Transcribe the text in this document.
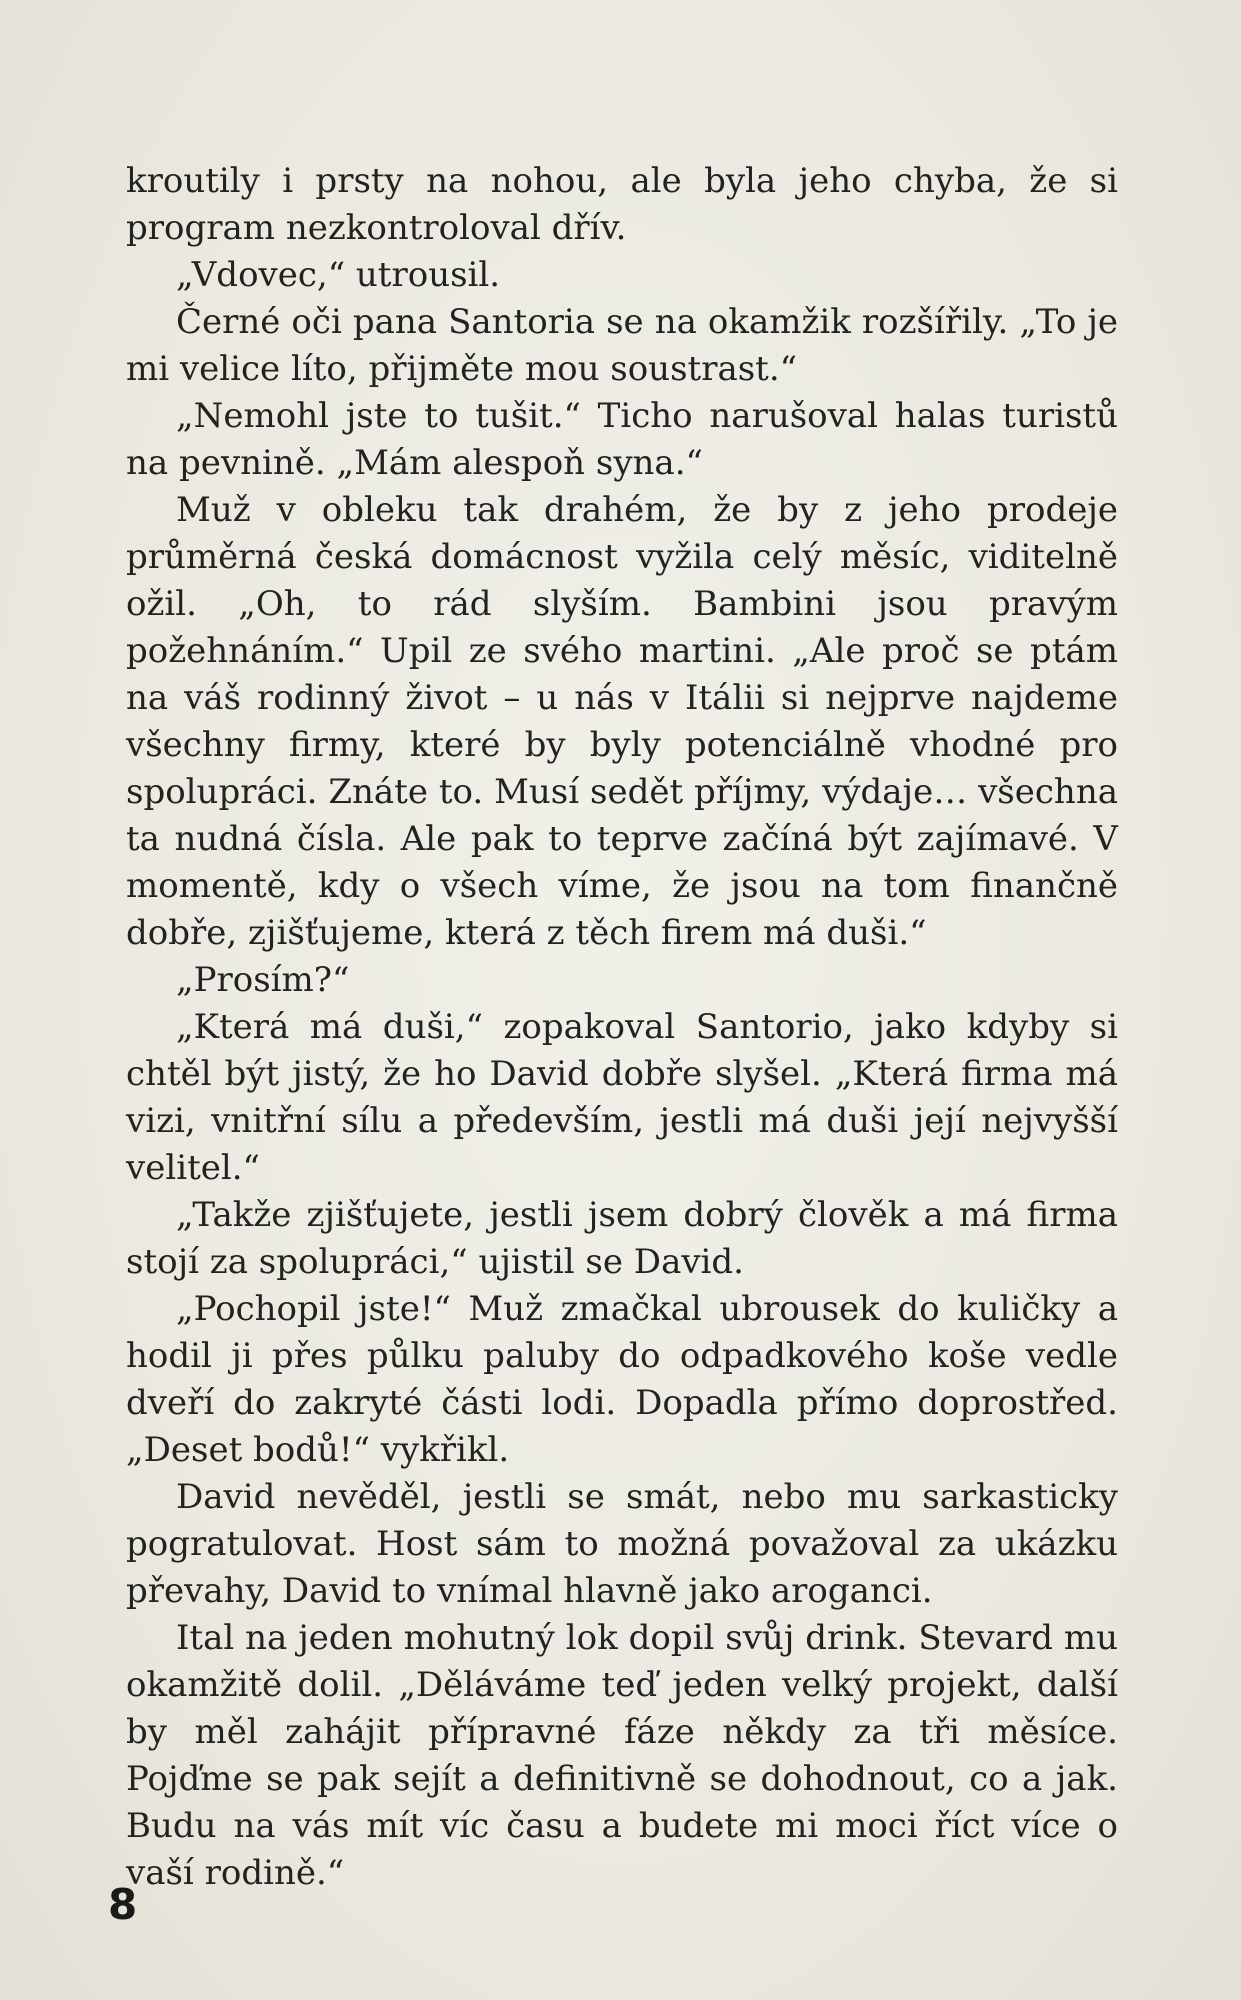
kroutily i prsty na nohou, ale byla jeho chyba, že si program nezkontroloval dřív.

„Vdovec,“ utrousil.

Černé oči pana Santoria se na okamžik rozšířily. „To je mi velice líto, přijměte mou soustrast.“

„Nemohl jste to tušit.“ Ticho narušoval halas turistů na pevnině. „Mám alespoň syna.“

Muž v obleku tak drahém, že by z jeho prodeje průměrná česká domácnost vyžila celý měsíc, viditelně ožil. „Oh, to rád slyším. Bambini jsou pravým požehnáním.“ Upil ze svého martini. „Ale proč se ptám na váš rodinný život – u nás v Itálii si nejprve najdeme všechny firmy, které by byly potenciálně vhodné pro spolupráci. Znáte to. Musí sedět příjmy, výdaje… všechna ta nudná čísla. Ale pak to teprve začíná být zajímavé. V momentě, kdy o všech víme, že jsou na tom finančně dobře, zjišťujeme, která z těch firem má duši.“

„Prosím?“

„Která má duši,“ zopakoval Santorio, jako kdyby si chtěl být jistý, že ho David dobře slyšel. „Která firma má vizi, vnitřní sílu a především, jestli má duši její nejvyšší velitel.“

„Takže zjišťujete, jestli jsem dobrý člověk a má firma stojí za spolupráci,“ ujistil se David.

„Pochopil jste!“ Muž zmačkal ubrousek do kuličky a hodil ji přes půlku paluby do odpadkového koše vedle dveří do zakryté části lodi. Dopadla přímo doprostřed. „Deset bodů!“ vykřikl.

David nevěděl, jestli se smát, nebo mu sarkasticky pogratulovat. Host sám to možná považoval za ukázku převahy, David to vnímal hlavně jako aroganci.

Ital na jeden mohutný lok dopil svůj drink. Stevard mu okamžitě dolil. „Děláváme teď jeden velký projekt, další by měl zahájit přípravné fáze někdy za tři měsíce. Pojďme se pak sejít a definitivně se dohodnout, co a jak. Budu na vás mít víc času a budete mi moci říct více o vaší rodině.“

8
